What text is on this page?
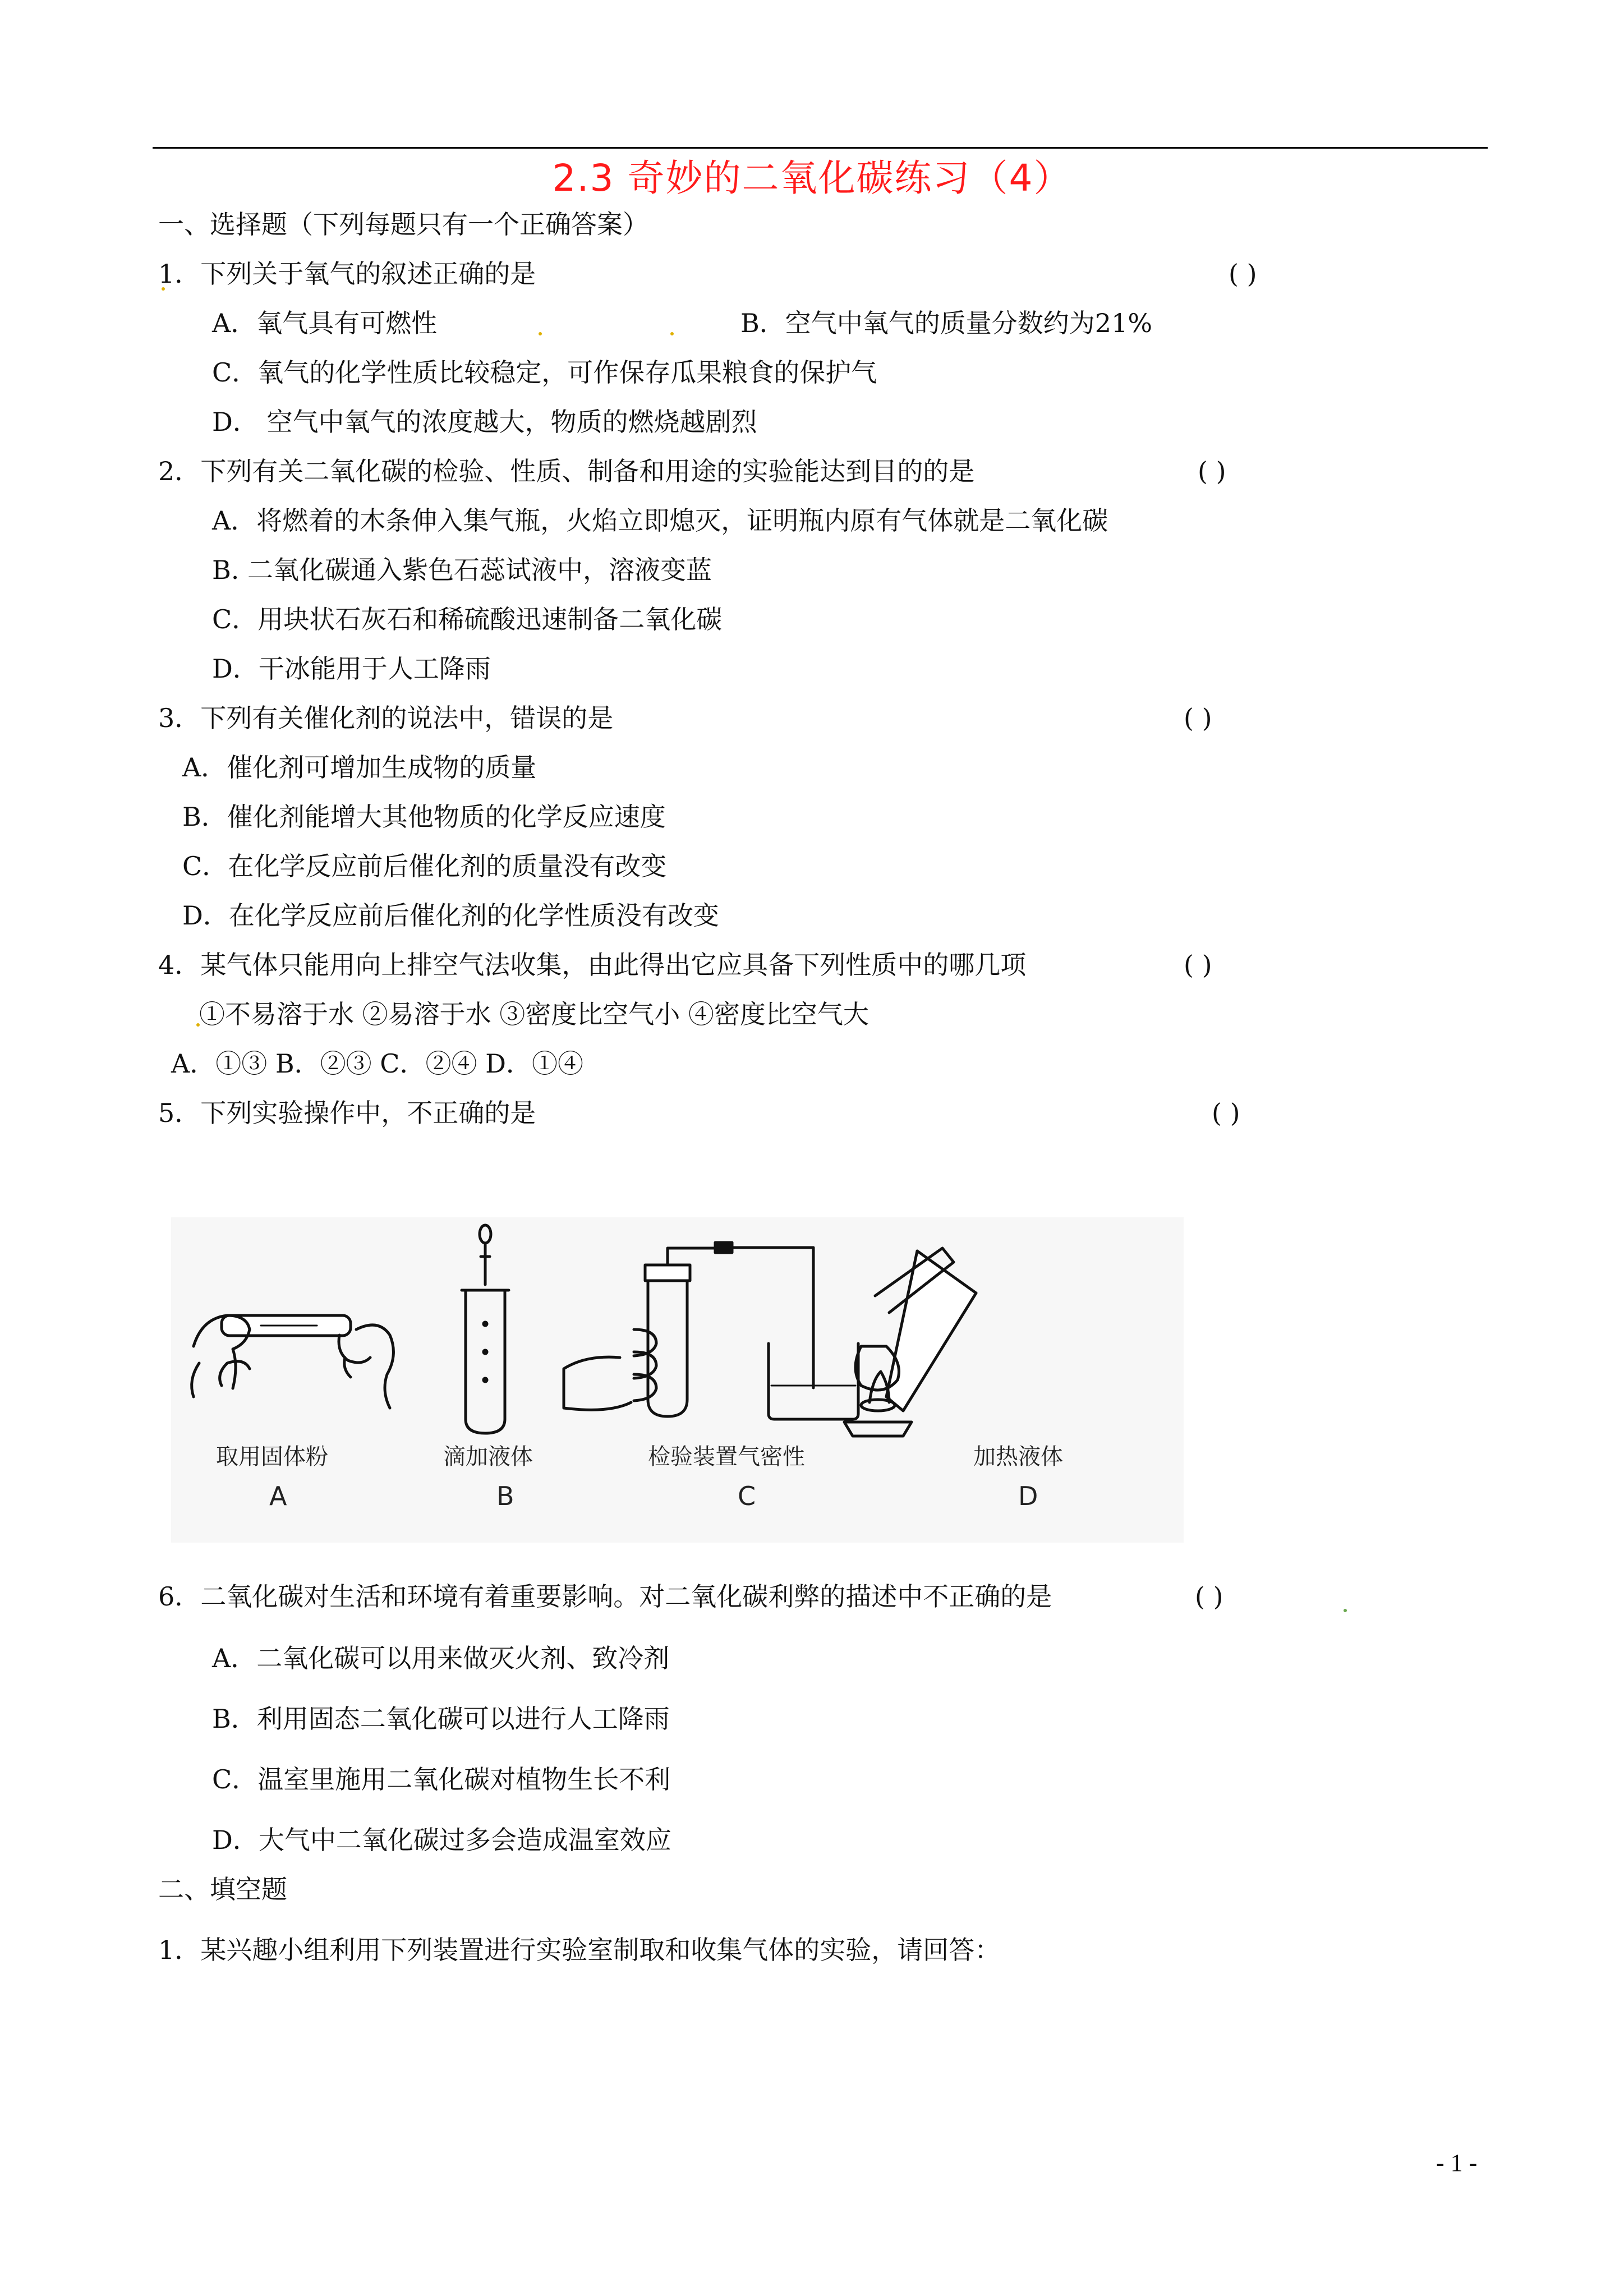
2.3 奇妙的二氧化碳练习（4）
一、选择题（下列每题只有一个正确答案）
1．下列关于氧气的叙述正确的是	( )
A．氧气具有可燃性	B．空气中氧气的质量分数约为21%
C．氧气的化学性质比较稳定，可作保存瓜果粮食的保护气
D． 空气中氧气的浓度越大，物质的燃烧越剧烈
2．下列有关二氧化碳的检验、性质、制备和用途的实验能达到目的的是	( )
A．将燃着的木条伸入集气瓶，火焰立即熄灭，证明瓶内原有气体就是二氧化碳
B. 二氧化碳通入紫色石蕊试液中，溶液变蓝
C．用块状石灰石和稀硫酸迅速制备二氧化碳
D．干冰能用于人工降雨
3．下列有关催化剂的说法中，错误的是	( )
A．催化剂可增加生成物的质量
B．催化剂能增大其他物质的化学反应速度
C．在化学反应前后催化剂的质量没有改变
D．在化学反应前后催化剂的化学性质没有改变
4．某气体只能用向上排空气法收集，由此得出它应具备下列性质中的哪几项	( )
①不易溶于水 ②易溶于水 ③密度比空气小 ④密度比空气大
A．①③ B．②③ C．②④ D．①④
5．下列实验操作中，不正确的是	( )
取用固体粉	滴加液体	检验装置气密性	加热液体
A	B	C	D
6．二氧化碳对生活和环境有着重要影响。对二氧化碳利弊的描述中不正确的是	( )
A．二氧化碳可以用来做灭火剂、致冷剂
B．利用固态二氧化碳可以进行人工降雨
C．温室里施用二氧化碳对植物生长不利
D．大气中二氧化碳过多会造成温室效应
二、填空题
1．某兴趣小组利用下列装置进行实验室制取和收集气体的实验，请回答：
- 1 -
